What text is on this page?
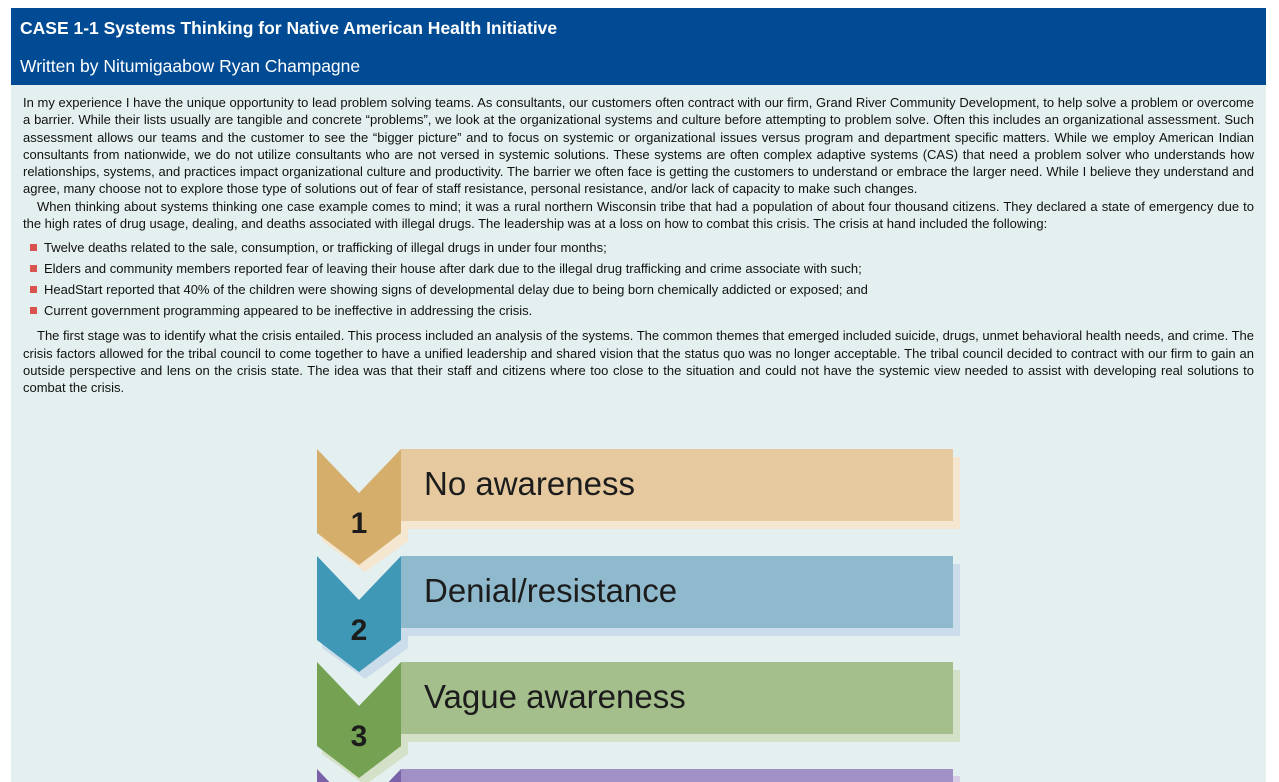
CASE 1-1 Systems Thinking for Native American Health Initiative
Written by Nitumigaabow Ryan Champagne

In my experience I have the unique opportunity to lead problem solving teams. As consultants, our customers often contract with our firm, Grand River Community Development, to help solve a problem or overcome a barrier. While their lists usually are tangible and concrete “problems”, we look at the organizational systems and culture before attempting to problem solve. Often this includes an organizational assessment. Such assessment allows our teams and the customer to see the “bigger picture” and to focus on systemic or organizational issues versus program and department specific matters. While we employ American Indian consultants from nationwide, we do not utilize consultants who are not versed in systemic solutions. These systems are often complex adaptive systems (CAS) that need a problem solver who understands how relationships, systems, and practices impact organizational culture and productivity. The barrier we often face is getting the customers to understand or embrace the larger need. While I believe they understand and agree, many choose not to explore those type of solutions out of fear of staff resistance, personal resistance, and/or lack of capacity to make such changes.

When thinking about systems thinking one case example comes to mind; it was a rural northern Wisconsin tribe that had a population of about four thousand citizens. They declared a state of emergency due to the high rates of drug usage, dealing, and deaths associated with illegal drugs. The leadership was at a loss on how to combat this crisis. The crisis at hand included the following:

Twelve deaths related to the sale, consumption, or trafficking of illegal drugs in under four months;
Elders and community members reported fear of leaving their house after dark due to the illegal drug trafficking and crime associate with such;
HeadStart reported that 40% of the children were showing signs of developmental delay due to being born chemically addicted or exposed; and
Current government programming appeared to be ineffective in addressing the crisis.

The first stage was to identify what the crisis entailed. This process included an analysis of the systems. The common themes that emerged included suicide, drugs, unmet behavioral health needs, and crime. The crisis factors allowed for the tribal council to come together to have a unified leadership and shared vision that the status quo was no longer acceptable. The tribal council decided to contract with our firm to gain an outside perspective and lens on the crisis state. The idea was that their staff and citizens where too close to the situation and could not have the systemic view needed to assist with developing real solutions to combat the crisis.

No awareness
1
Denial/resistance
2
Vague awareness
3
